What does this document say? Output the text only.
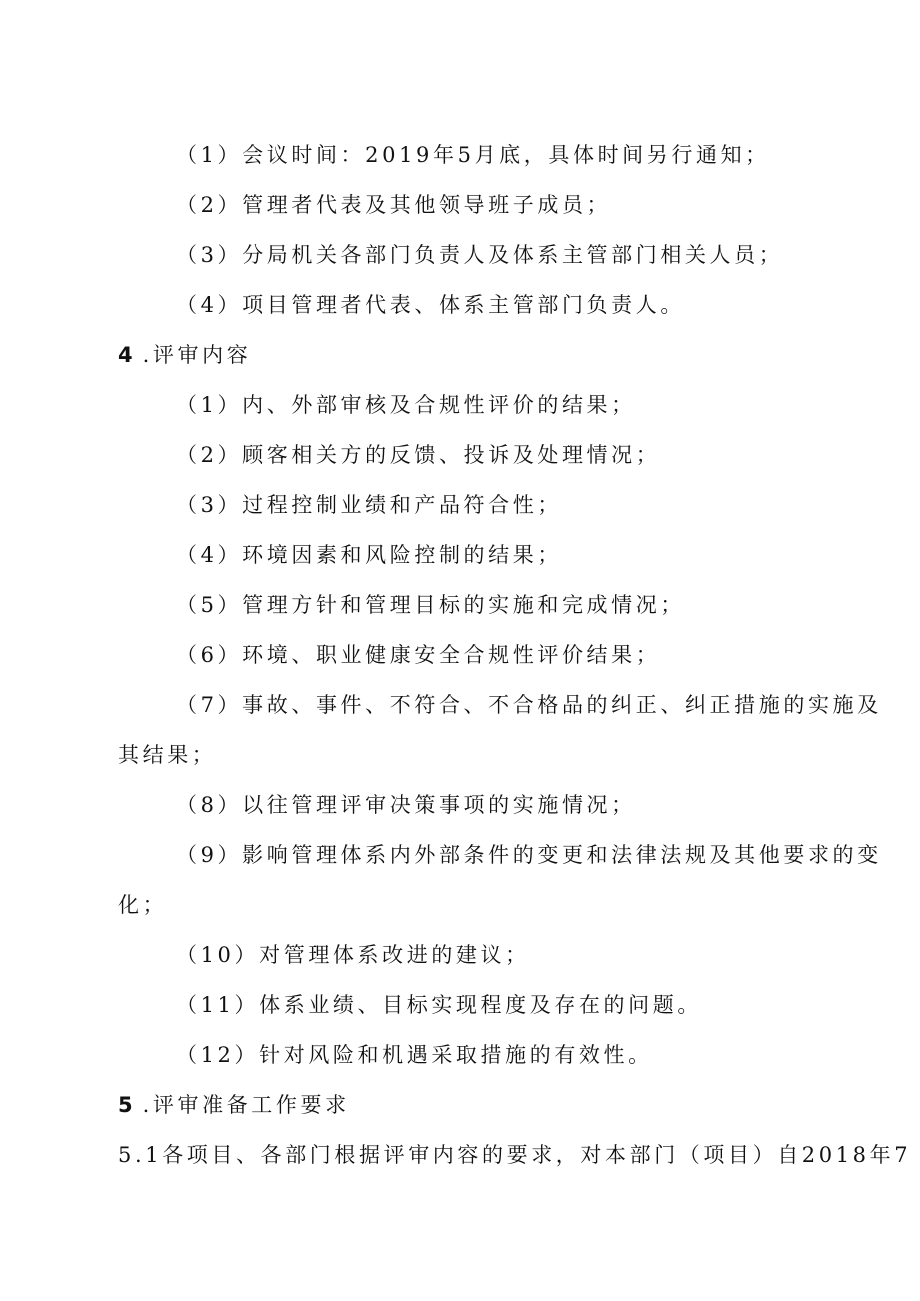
（1）会议时间：2019年5月底，具体时间另行通知；
（2）管理者代表及其他领导班子成员；
（3）分局机关各部门负责人及体系主管部门相关人员；
（4）项目管理者代表、体系主管部门负责人。
4 .评审内容
（1）内、外部审核及合规性评价的结果；
（2）顾客相关方的反馈、投诉及处理情况；
（3）过程控制业绩和产品符合性；
（4）环境因素和风险控制的结果；
（5）管理方针和管理目标的实施和完成情况；
（6）环境、职业健康安全合规性评价结果；
（7）事故、事件、不符合、不合格品的纠正、纠正措施的实施及
其结果；
（8）以往管理评审决策事项的实施情况；
（9）影响管理体系内外部条件的变更和法律法规及其他要求的变
化；
（10）对管理体系改进的建议；
（11）体系业绩、目标实现程度及存在的问题。
（12）针对风险和机遇采取措施的有效性。
5 .评审准备工作要求
5.1各项目、各部门根据评审内容的要求，对本部门（项目）自2018年7
